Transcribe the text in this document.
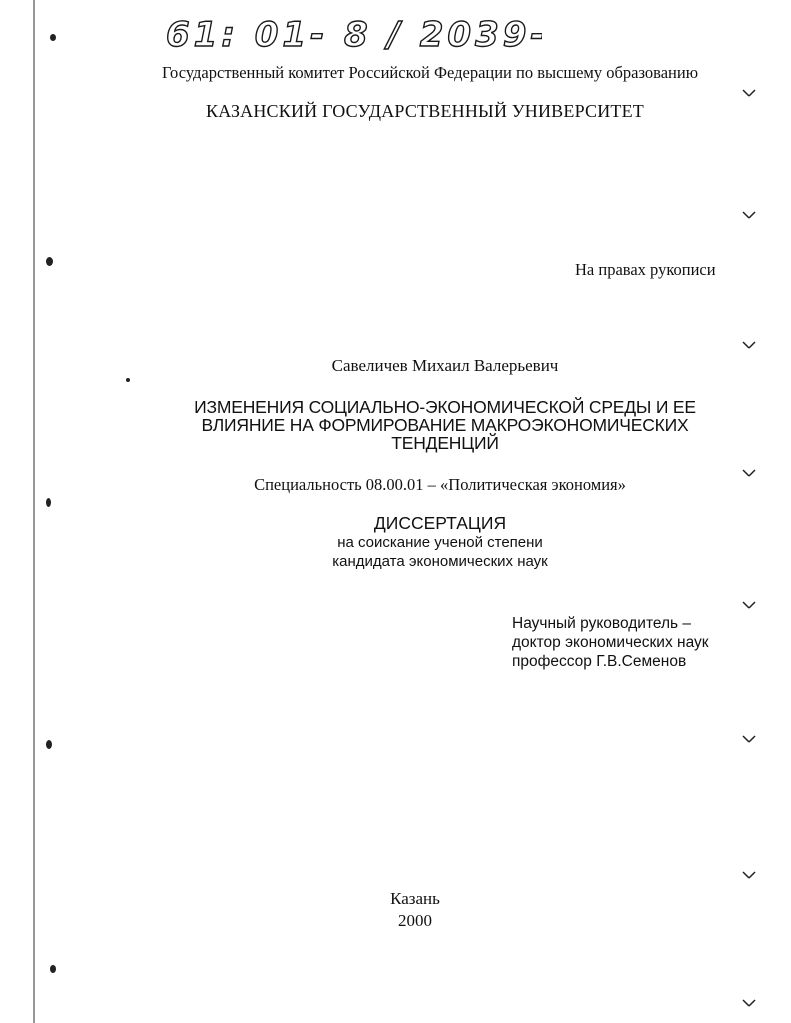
61: 01- 8 / 2039-1
Государственный комитет Российской Федерации по высшему образованию
КАЗАНСКИЙ ГОСУДАРСТВЕННЫЙ УНИВЕРСИТЕТ
На правах рукописи
Савеличев Михаил Валерьевич
ИЗМЕНЕНИЯ СОЦИАЛЬНО-ЭКОНОМИЧЕСКОЙ СРЕДЫ И ЕЕ
ВЛИЯНИЕ НА ФОРМИРОВАНИЕ МАКРОЭКОНОМИЧЕСКИХ
ТЕНДЕНЦИЙ
Специальность 08.00.01 – «Политическая экономия»
ДИССЕРТАЦИЯ
на соискание ученой степени
кандидата экономических наук
Научный руководитель –
доктор экономических наук
профессор Г.В.Семенов
Казань
2000
